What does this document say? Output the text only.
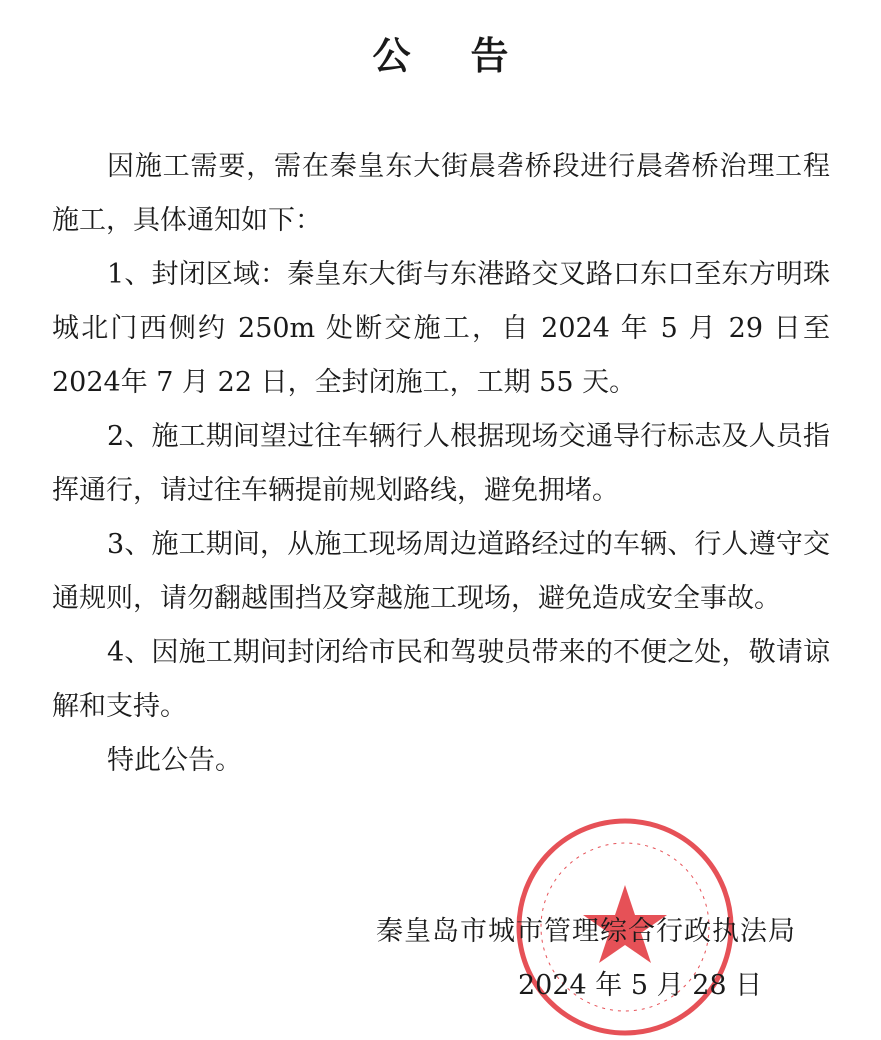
公告

因施工需要，需在秦皇东大街晨砻桥段进行晨砻桥治理工程施工，具体通知如下：

1、封闭区域：秦皇东大街与东港路交叉路口东口至东方明珠城北门西侧约 250m 处断交施工，自 2024 年 5 月 29 日至 2024年 7 月 22 日，全封闭施工，工期 55 天。

2、施工期间望过往车辆行人根据现场交通导行标志及人员指挥通行，请过往车辆提前规划路线，避免拥堵。

3、施工期间，从施工现场周边道路经过的车辆、行人遵守交通规则，请勿翻越围挡及穿越施工现场，避免造成安全事故。

4、因施工期间封闭给市民和驾驶员带来的不便之处，敬请谅解和支持。

特此公告。

秦皇岛市城市管理综合行政执法局
2024 年 5 月 28 日
